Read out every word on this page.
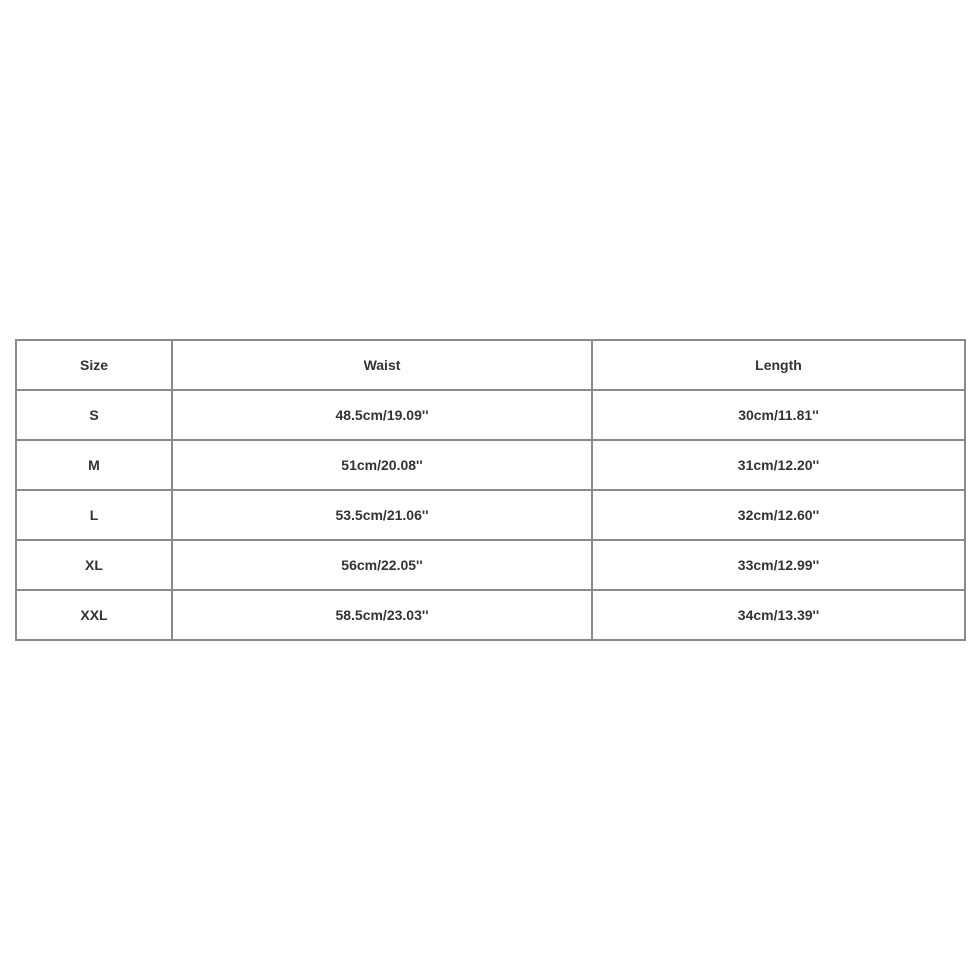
Size	Waist	Length
S	48.5cm/19.09''	30cm/11.81''
M	51cm/20.08''	31cm/12.20''
L	53.5cm/21.06''	32cm/12.60''
XL	56cm/22.05''	33cm/12.99''
XXL	58.5cm/23.03''	34cm/13.39''
